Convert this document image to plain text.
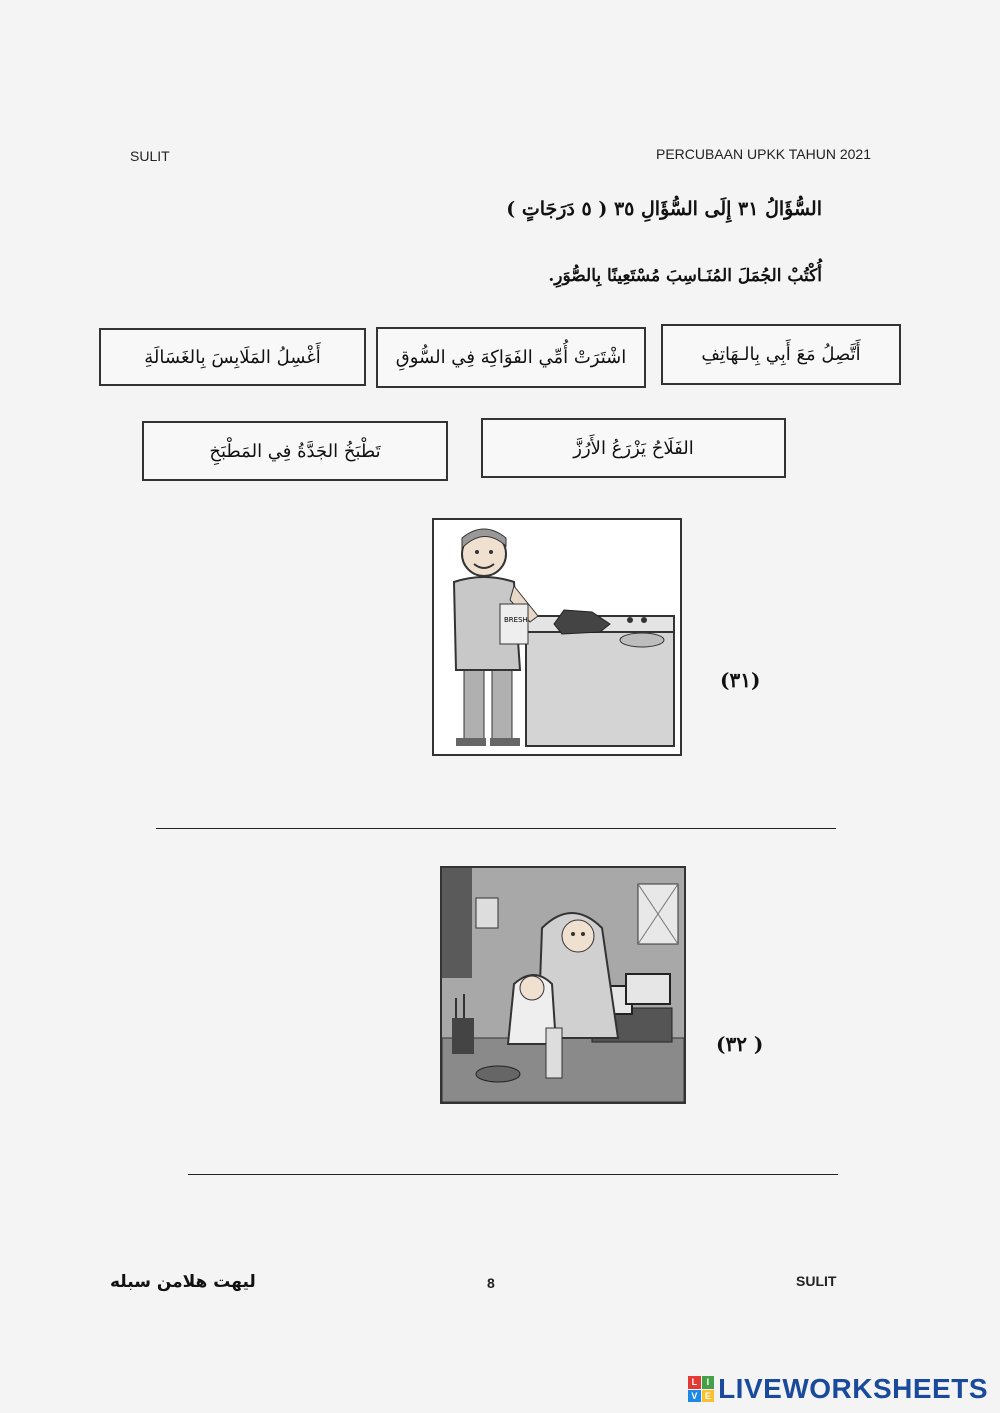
SULIT	PERCUBAAN UPKK TAHUN 2021
السُّؤَالُ ٣١ إِلَى السُّؤَالِ ٣٥ ( ٥ دَرَجَاتٍ )
أُكْتُبْ الجُمَلَ المُنَـاسِبَ مُسْتَعِينًا بِالصُّوَرِ.
أَتَّصِلُ مَعَ أَبِي بِالـهَاتِفِ
اشْتَرَتْ أُمِّي الفَوَاكِهَ فِي السُّوقِ
أَغْسِلُ المَلَابِسَ بِالغَسَالَةِ
الفَلَاحُ يَزْرَعُ الأَرُزَّ
تَطْبَخُ الجَدَّةُ فِي المَطْبَخِ
BRESH
(٣١)
( ٣٢)
ليهت هلامن سبله	8	SULIT
L	I
V E LIVEWORKSHEETS
